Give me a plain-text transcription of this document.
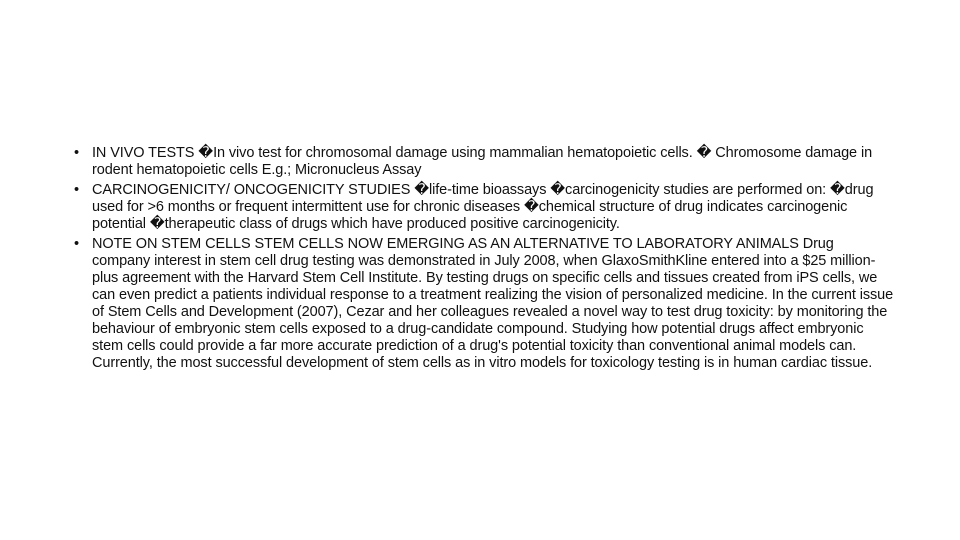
• IN VIVO TESTS �In vivo test for chromosomal damage using mammalian hematopoietic cells. � Chromosome damage in rodent hematopoietic cells E.g.; Micronucleus Assay
• CARCINOGENICITY/ ONCOGENICITY STUDIES �life-time bioassays �carcinogenicity studies are performed on: �drug used for >6 months or frequent intermittent use for chronic diseases �chemical structure of drug indicates carcinogenic potential �therapeutic class of drugs which have produced positive carcinogenicity.
• NOTE ON STEM CELLS STEM CELLS NOW EMERGING AS AN ALTERNATIVE TO LABORATORY ANIMALS Drug company interest in stem cell drug testing was demonstrated in July 2008, when GlaxoSmithKline entered into a $25 million-plus agreement with the Harvard Stem Cell Institute. By testing drugs on specific cells and tissues created from iPS cells, we can even predict a patients individual response to a treatment realizing the vision of personalized medicine. In the current issue of Stem Cells and Development (2007), Cezar and her colleagues revealed a novel way to test drug toxicity: by monitoring the behaviour of embryonic stem cells exposed to a drug-candidate compound. Studying how potential drugs affect embryonic stem cells could provide a far more accurate prediction of a drug's potential toxicity than conventional animal models can. Currently, the most successful development of stem cells as in vitro models for toxicology testing is in human cardiac tissue.
